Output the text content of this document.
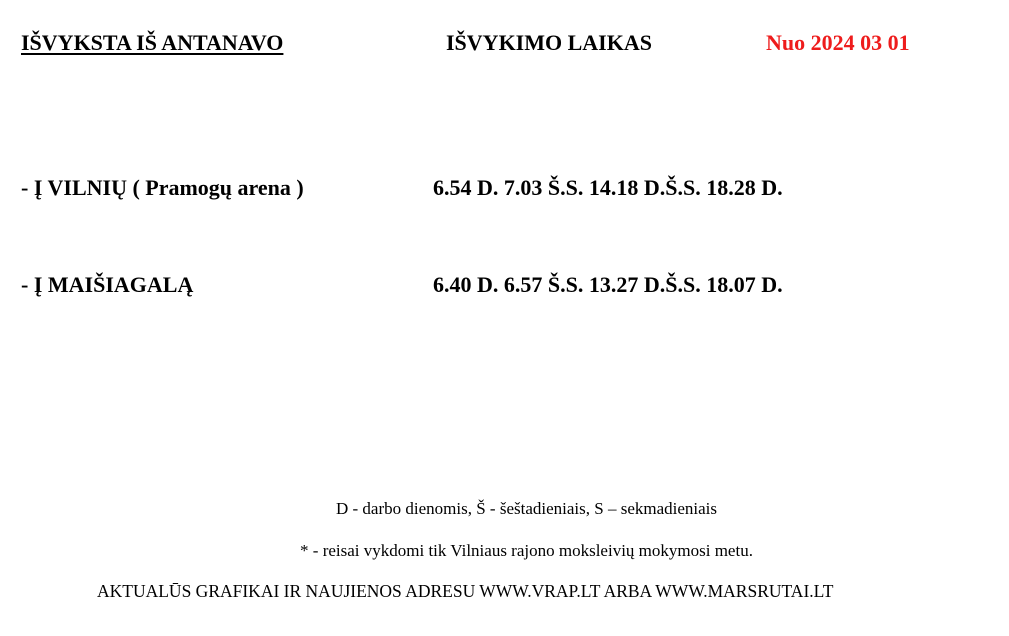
IŠVYKSTA IŠ ANTANAVO	IŠVYKIMO LAIKAS	Nuo 2024 03 01
- Į VILNIŲ ( Pramogų arena )	6.54 D. 7.03 Š.S. 14.18 D.Š.S. 18.28 D.
- Į MAIŠIAGALĄ	6.40 D. 6.57 Š.S. 13.27 D.Š.S. 18.07 D.
D - darbo dienomis, Š - šeštadieniais, S – sekmadieniais
* - reisai vykdomi tik Vilniaus rajono moksleivių mokymosi metu.
AKTUALŪS GRAFIKAI IR NAUJIENOS ADRESU WWW.VRAP.LT ARBA WWW.MARSRUTAI.LT
